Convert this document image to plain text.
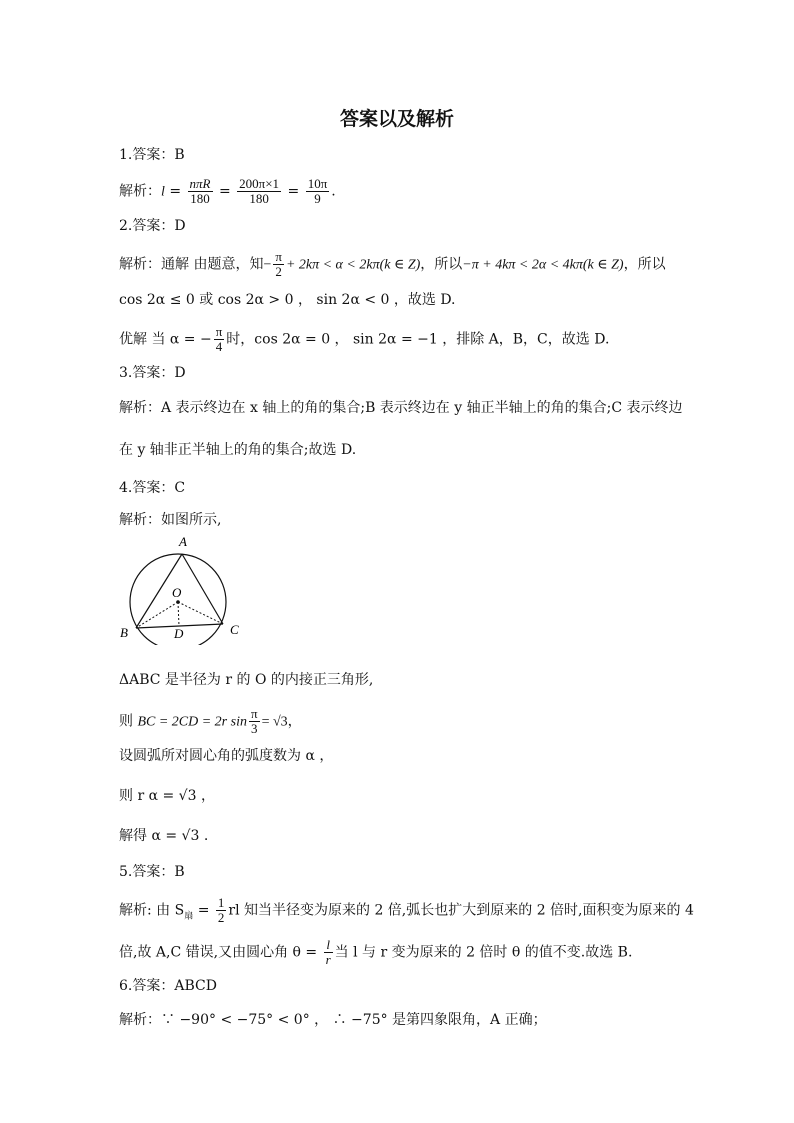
答案以及解析
1.答案：B
解析：$l = \frac{\text{nπR}}{180} = \frac{200\pi\times 1}{180} = \frac{10\pi}{9}$ .
2.答案：D
解析：通解 由题意，知− $\frac{\pi}{2} + 2k\pi < \alpha < 2k\pi(k$ ∈ Z)，所以−π + 4kπ < 2α < 4kπ(k ∈ Z)，所以
cos 2α ≤ 0 或 cos 2α > 0 ， sin 2α < 0 ，故选 D.
优解 当 α = − $\frac{\pi}{4}$ 时，cos 2α = 0 ， sin 2α = −1 ，排除 A，B，C，故选 D.
3.答案：D
解析：A 表示终边在 x 轴上的角的集合;B 表示终边在 y 轴正半轴上的角的集合;C 表示终边
在 y 轴非正半轴上的角的集合;故选 D.
4.答案：C
解析：如图所示,
A
O
B	C
D
ΔABC 是半径为 r 的 O 的内接正三角形,
则 BC = 2CD = 2r $\sin \frac{\pi}{3} = √3$，
设圆弧所对圆心角的弧度数为 α ，
则 r α = √3 ，
解得 α = √3 .
5.答案：B
解析: 由 $S_扇 = \frac{1}{2}$ rl 知当半径变为原来的 2 倍,弧长也扩大到原来的 2 倍时,面积变为原来的 4
倍,故 A,C 错误,又由圆心角 $\theta = \frac{l}{r}$ 当 l 与 r 变为原来的 2 倍时 θ 的值不变.故选 B.
6.答案：ABCD
解析：∵ −90° < −75° < 0° ， ∴ −75° 是第四象限角，A 正确；
